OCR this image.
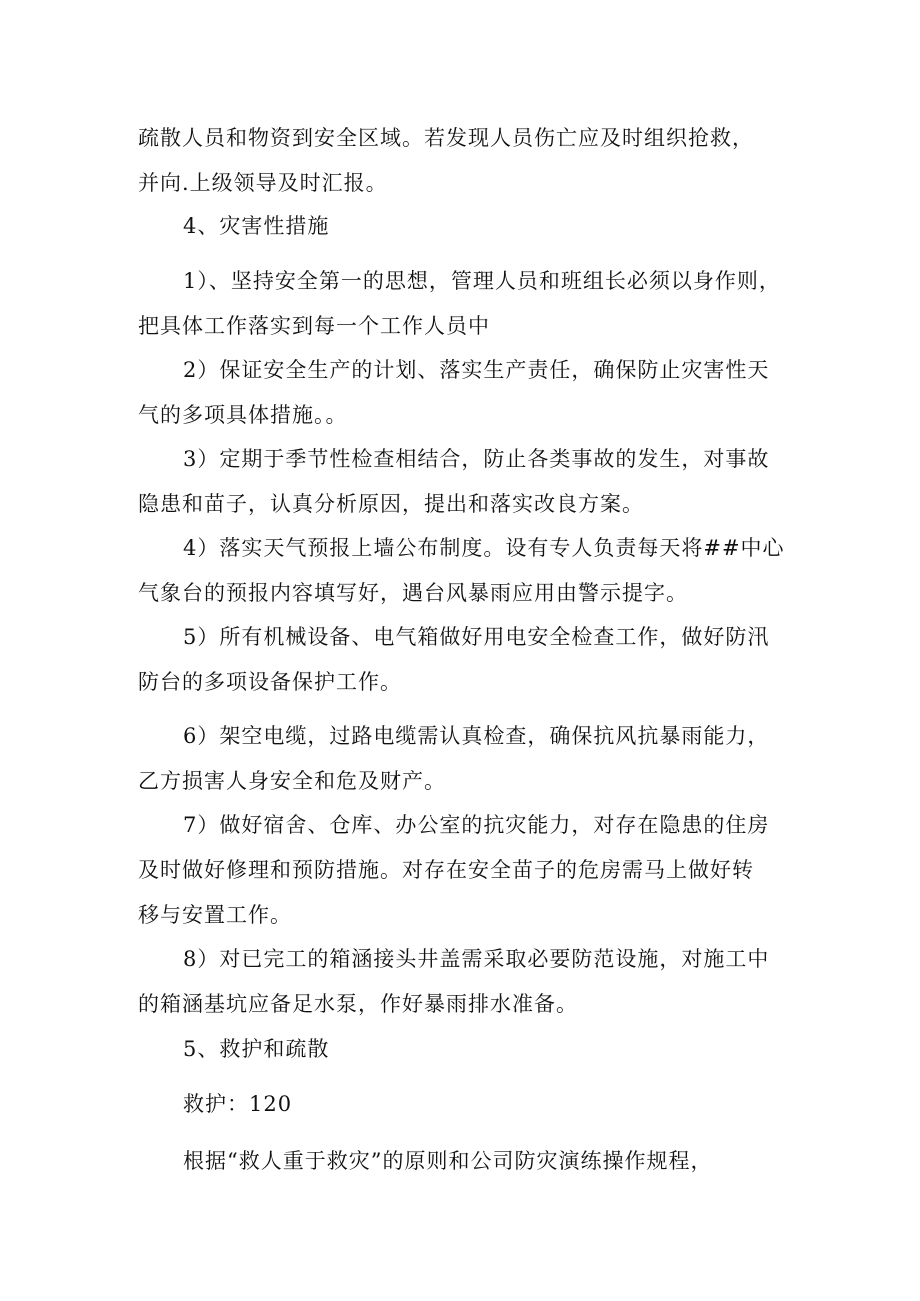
疏散人员和物资到安全区域。若发现人员伤亡应及时组织抢救，
并向.上级领导及时汇报。
4、灾害性措施
1）、坚持安全第一的思想，管理人员和班组长必须以身作则，
把具体工作落实到每一个工作人员中
2）保证安全生产的计划、落实生产责任，确保防止灾害性天
气的多项具体措施。。
3）定期于季节性检查相结合，防止各类事故的发生，对事故
隐患和苗子，认真分析原因，提出和落实改良方案。
4）落实天气预报上墙公布制度。设有专人负责每天将##中心
气象台的预报内容填写好，遇台风暴雨应用由警示提字。
5）所有机械设备、电气箱做好用电安全检查工作，做好防汛
防台的多项设备保护工作。
6）架空电缆，过路电缆需认真检查，确保抗风抗暴雨能力，
乙方损害人身安全和危及财产。
7）做好宿舍、仓库、办公室的抗灾能力，对存在隐患的住房
及时做好修理和预防措施。对存在安全苗子的危房需马上做好转
移与安置工作。
8）对已完工的箱涵接头井盖需采取必要防范设施，对施工中
的箱涵基坑应备足水泵，作好暴雨排水准备。
5、救护和疏散
救护：120
根据“救人重于救灾”的原则和公司防灾演练操作规程，
